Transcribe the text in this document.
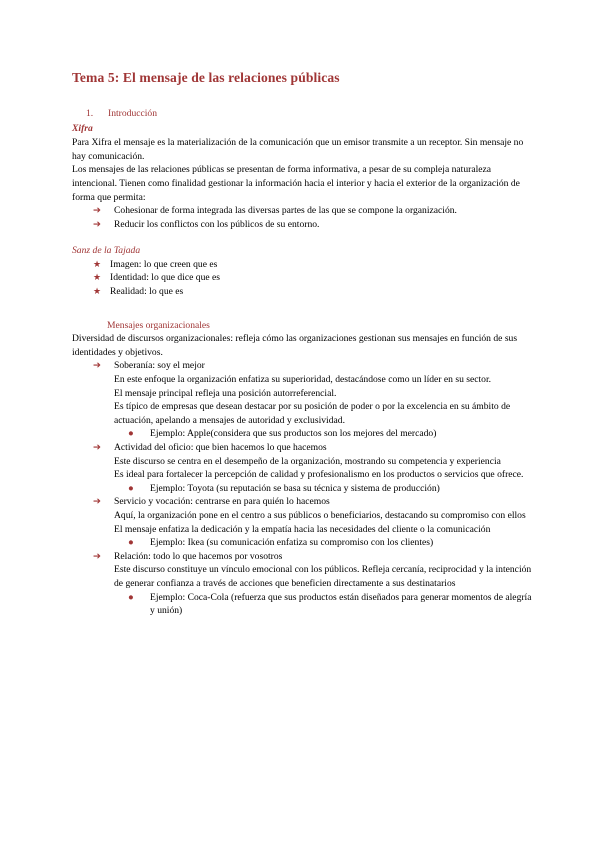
Tema 5: El mensaje de las relaciones públicas
1.	Introducción

Xifra

Para Xifra el mensaje es la materialización de la comunicación que un emisor transmite a un receptor. Sin mensaje no hay comunicación.

Los mensajes de las relaciones públicas se presentan de forma informativa, a pesar de su compleja naturaleza intencional. Tienen como finalidad gestionar la información hacia el interior y hacia el exterior de la organización de forma que permita:

➔	Cohesionar de forma integrada las diversas partes de las que se compone la organización.
➔	Reducir los conflictos con los públicos de su entorno.

Sanz de la Tajada

★ Imagen: lo que creen que es
★ Identidad: lo que dice que es
★ Realidad: lo que es

Mensajes organizacionales

Diversidad de discursos organizacionales: refleja cómo las organizaciones gestionan sus mensajes en función de sus identidades y objetivos.

➔	Soberanía: soy el mejor

En este enfoque la organización enfatiza su superioridad, destacándose como un líder en su sector.

El mensaje principal refleja una posición autorreferencial.

Es típico de empresas que desean destacar por su posición de poder o por la excelencia en su ámbito de actuación, apelando a mensajes de autoridad y exclusividad.

●	Ejemplo: Apple(considera que sus productos son los mejores del mercado)
➔	Actividad del oficio: que bien hacemos lo que hacemos

Este discurso se centra en el desempeño de la organización, mostrando su competencia y experiencia

Es ideal para fortalecer la percepción de calidad y profesionalismo en los productos o servicios que ofrece.

●	Ejemplo: Toyota (su reputación se basa su técnica y sistema de producción)
➔	Servicio y vocación: centrarse en para quién lo hacemos

Aquí, la organización pone en el centro a sus públicos o beneficiarios, destacando su compromiso con ellos

El mensaje enfatiza la dedicación y la empatía hacia las necesidades del cliente o la comunicación

●	Ejemplo: Ikea (su comunicación enfatiza su compromiso con los clientes)
➔	Relación: todo lo que hacemos por vosotros

Este discurso constituye un vínculo emocional con los públicos. Refleja cercanía, reciprocidad y la intención de generar confianza a través de acciones que beneficien directamente a sus destinatarios

●	Ejemplo: Coca-Cola (refuerza que sus productos están diseñados para generar momentos de alegría y unión)
